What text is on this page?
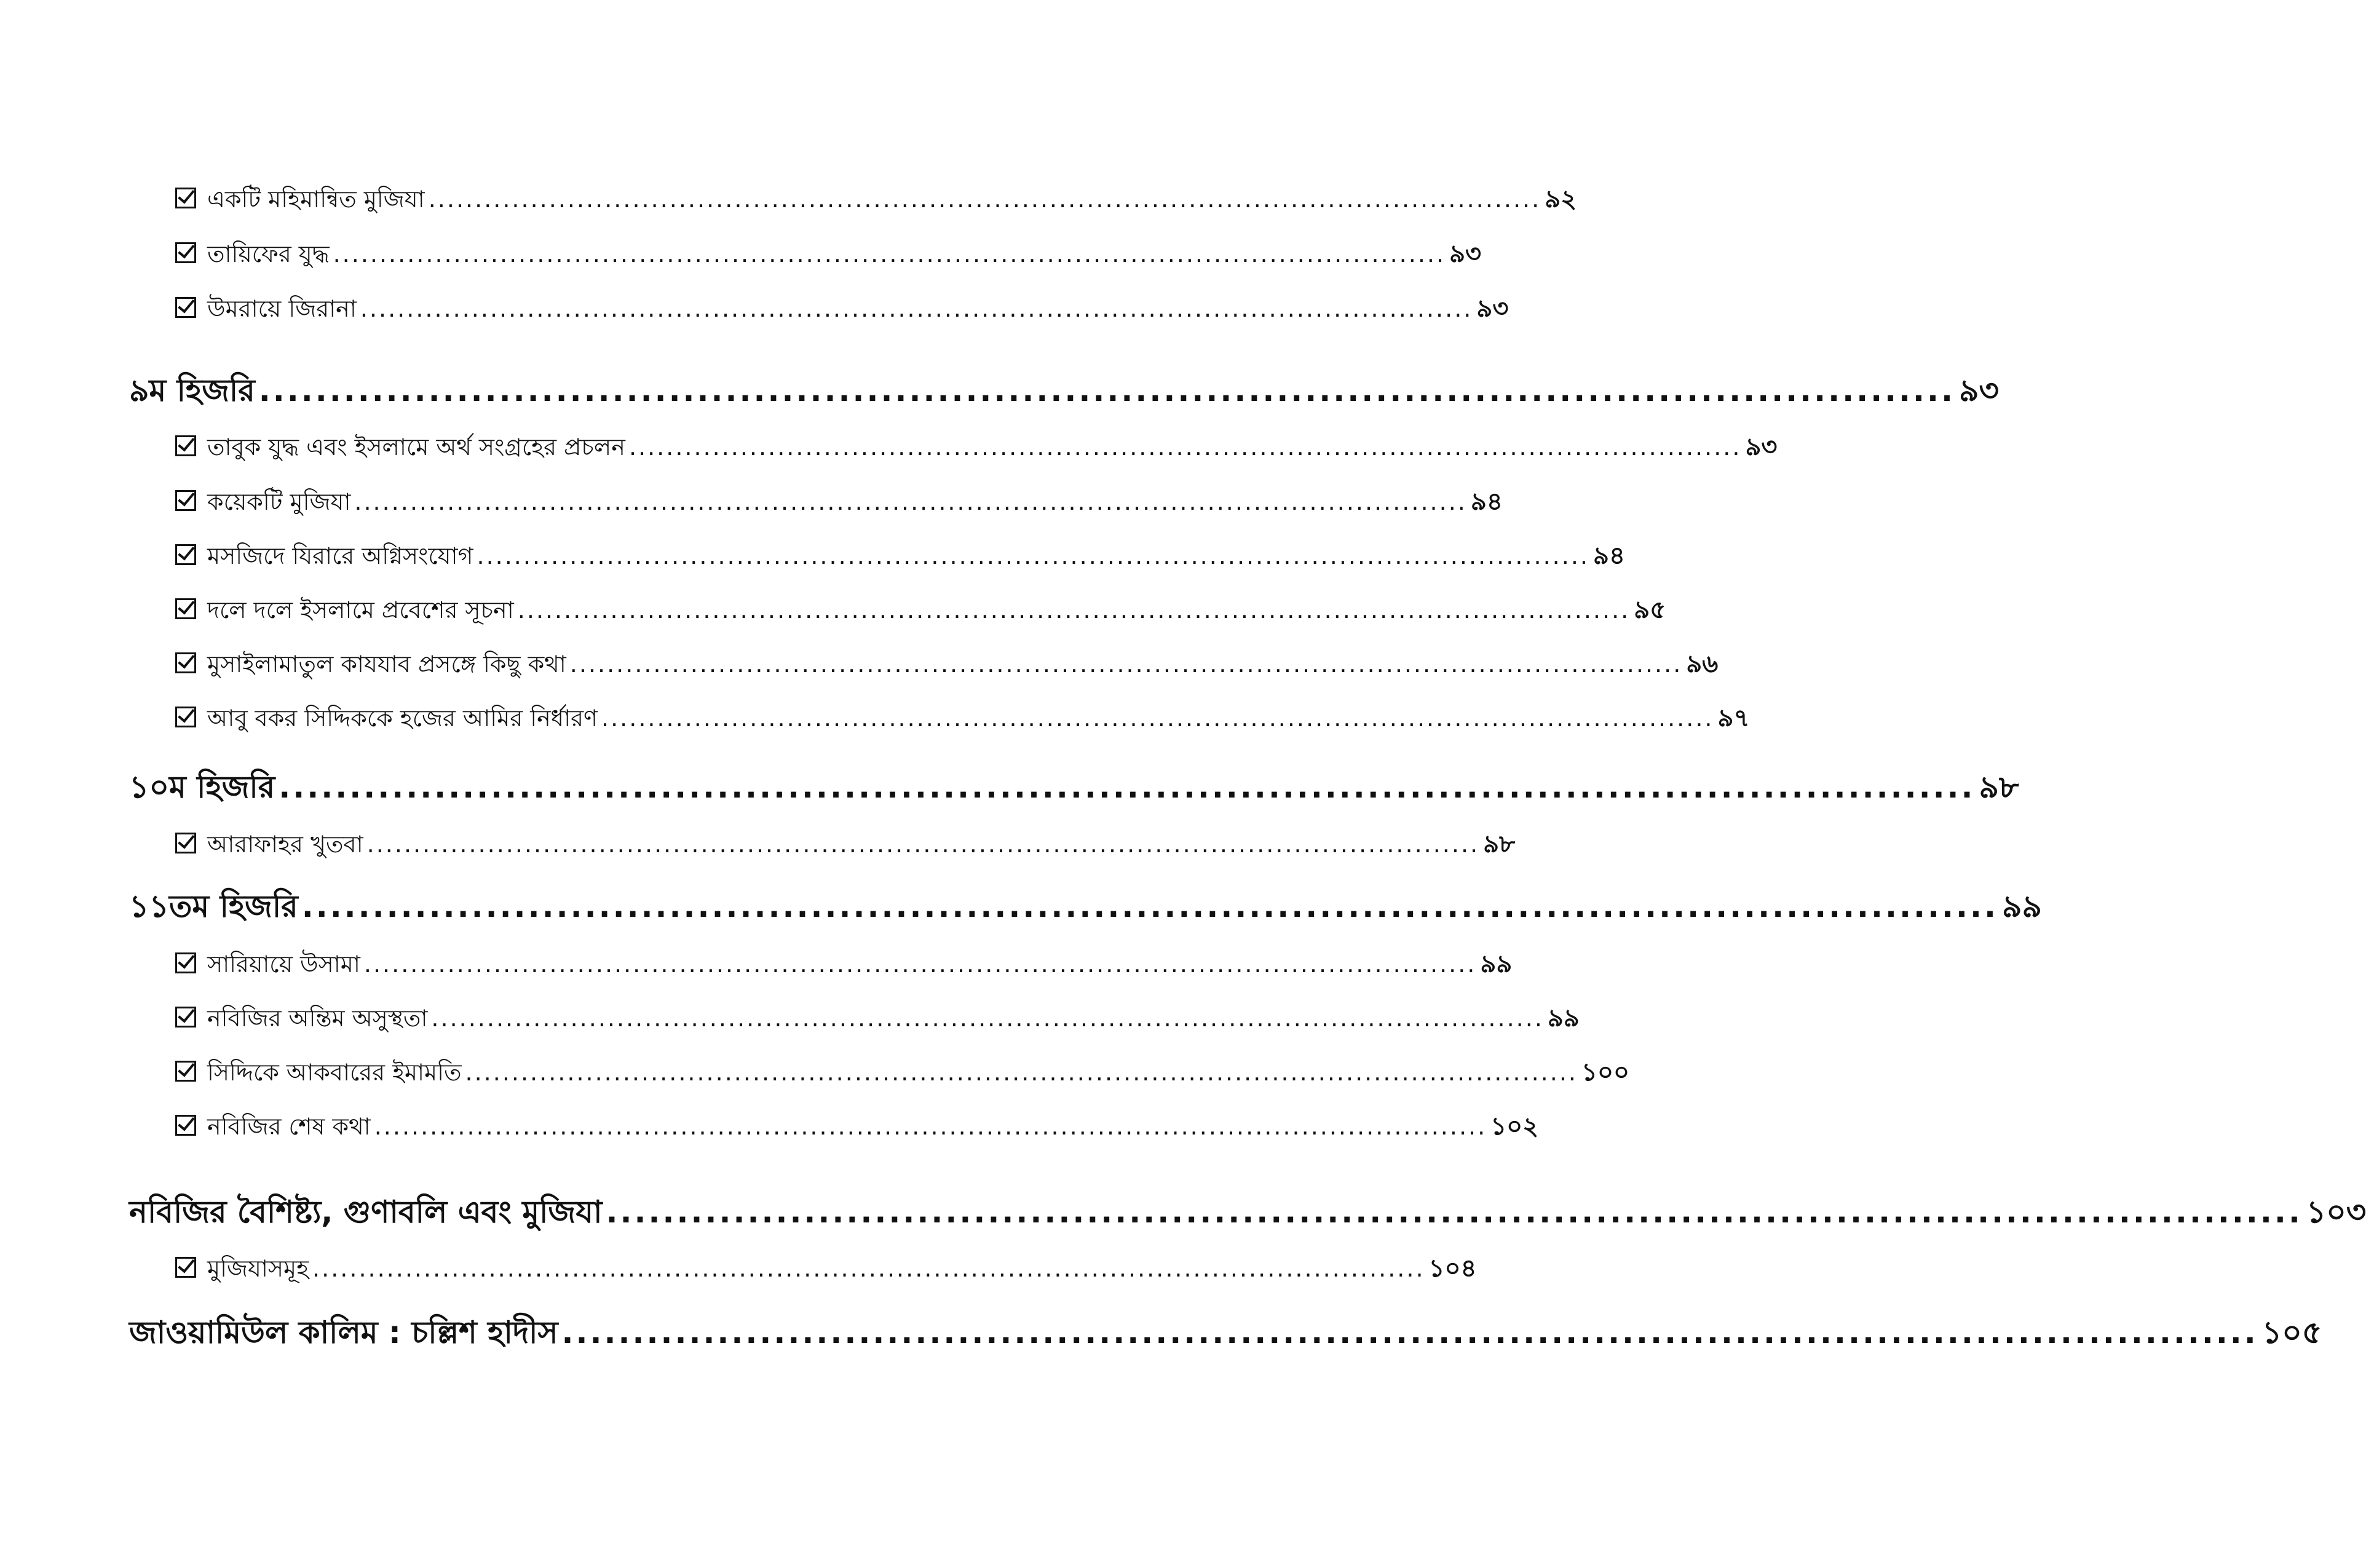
একটি মহিমান্বিত মুজিযা ........................................................................................................................ ৯২
তায়িফের যুদ্ধ ........................................................................................................................ ৯৩
উমরায়ে জিরানা ........................................................................................................................ ৯৩
৯ম হিজরি ........................................................................................................................ ৯৩
তাবুক যুদ্ধ এবং ইসলামে অর্থ সংগ্রহের প্রচলন ........................................................................................................................ ৯৩
কয়েকটি মুজিযা ........................................................................................................................ ৯৪
মসজিদে যিরারে অগ্নিসংযোগ ........................................................................................................................ ৯৪
দলে দলে ইসলামে প্রবেশের সূচনা ........................................................................................................................ ৯৫
মুসাইলামাতুল কাযযাব প্রসঙ্গে কিছু কথা ........................................................................................................................ ৯৬
আবু বকর সিদ্দিককে হজের আমির নির্ধারণ ........................................................................................................................ ৯৭
১০ম হিজরি ........................................................................................................................ ৯৮
আরাফাহর খুতবা ........................................................................................................................ ৯৮
১১তম হিজরি ........................................................................................................................ ৯৯
সারিয়ায়ে উসামা ........................................................................................................................ ৯৯
নবিজির অন্তিম অসুস্থতা ........................................................................................................................ ৯৯
সিদ্দিকে আকবারের ইমামতি ........................................................................................................................ ১০০
নবিজির শেষ কথা ........................................................................................................................ ১০২
নবিজির বৈশিষ্ট্য, গুণাবলি এবং মুজিযা ........................................................................................................................ ১০৩
মুজিযাসমূহ ........................................................................................................................ ১০৪
জাওয়ামিউল কালিম : চল্লিশ হাদীস ........................................................................................................................ ১০৫
